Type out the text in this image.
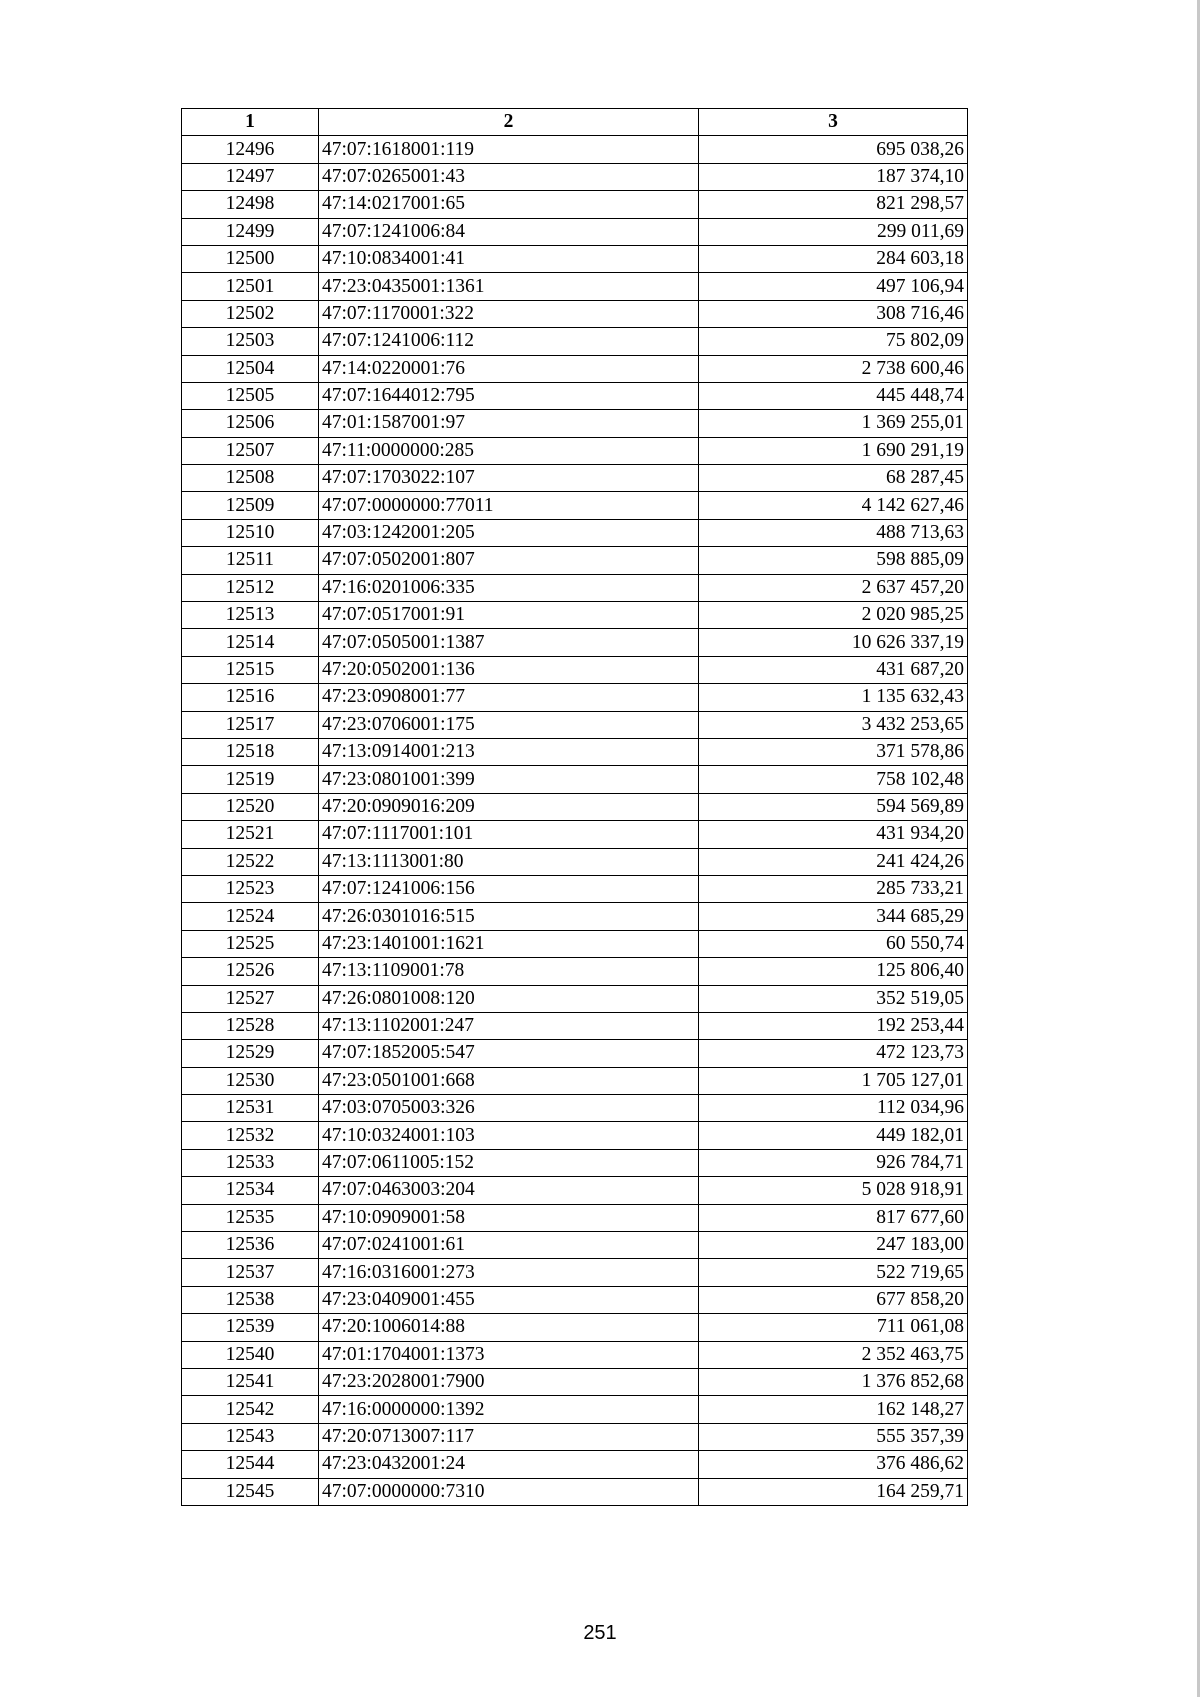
1	2	3
12496	47:07:1618001:119	695 038,26
12497	47:07:0265001:43	187 374,10
12498	47:14:0217001:65	821 298,57
12499	47:07:1241006:84	299 011,69
12500	47:10:0834001:41	284 603,18
12501	47:23:0435001:1361	497 106,94
12502	47:07:1170001:322	308 716,46
12503	47:07:1241006:112	75 802,09
12504	47:14:0220001:76	2 738 600,46
12505	47:07:1644012:795	445 448,74
12506	47:01:1587001:97	1 369 255,01
12507	47:11:0000000:285	1 690 291,19
12508	47:07:1703022:107	68 287,45
12509	47:07:0000000:77011	4 142 627,46
12510	47:03:1242001:205	488 713,63
12511	47:07:0502001:807	598 885,09
12512	47:16:0201006:335	2 637 457,20
12513	47:07:0517001:91	2 020 985,25
12514	47:07:0505001:1387	10 626 337,19
12515	47:20:0502001:136	431 687,20
12516	47:23:0908001:77	1 135 632,43
12517	47:23:0706001:175	3 432 253,65
12518	47:13:0914001:213	371 578,86
12519	47:23:0801001:399	758 102,48
12520	47:20:0909016:209	594 569,89
12521	47:07:1117001:101	431 934,20
12522	47:13:1113001:80	241 424,26
12523	47:07:1241006:156	285 733,21
12524	47:26:0301016:515	344 685,29
12525	47:23:1401001:1621	60 550,74
12526	47:13:1109001:78	125 806,40
12527	47:26:0801008:120	352 519,05
12528	47:13:1102001:247	192 253,44
12529	47:07:1852005:547	472 123,73
12530	47:23:0501001:668	1 705 127,01
12531	47:03:0705003:326	112 034,96
12532	47:10:0324001:103	449 182,01
12533	47:07:0611005:152	926 784,71
12534	47:07:0463003:204	5 028 918,91
12535	47:10:0909001:58	817 677,60
12536	47:07:0241001:61	247 183,00
12537	47:16:0316001:273	522 719,65
12538	47:23:0409001:455	677 858,20
12539	47:20:1006014:88	711 061,08
12540	47:01:1704001:1373	2 352 463,75
12541	47:23:2028001:7900	1 376 852,68
12542	47:16:0000000:1392	162 148,27
12543	47:20:0713007:117	555 357,39
12544	47:23:0432001:24	376 486,62
12545	47:07:0000000:7310	164 259,71
251
